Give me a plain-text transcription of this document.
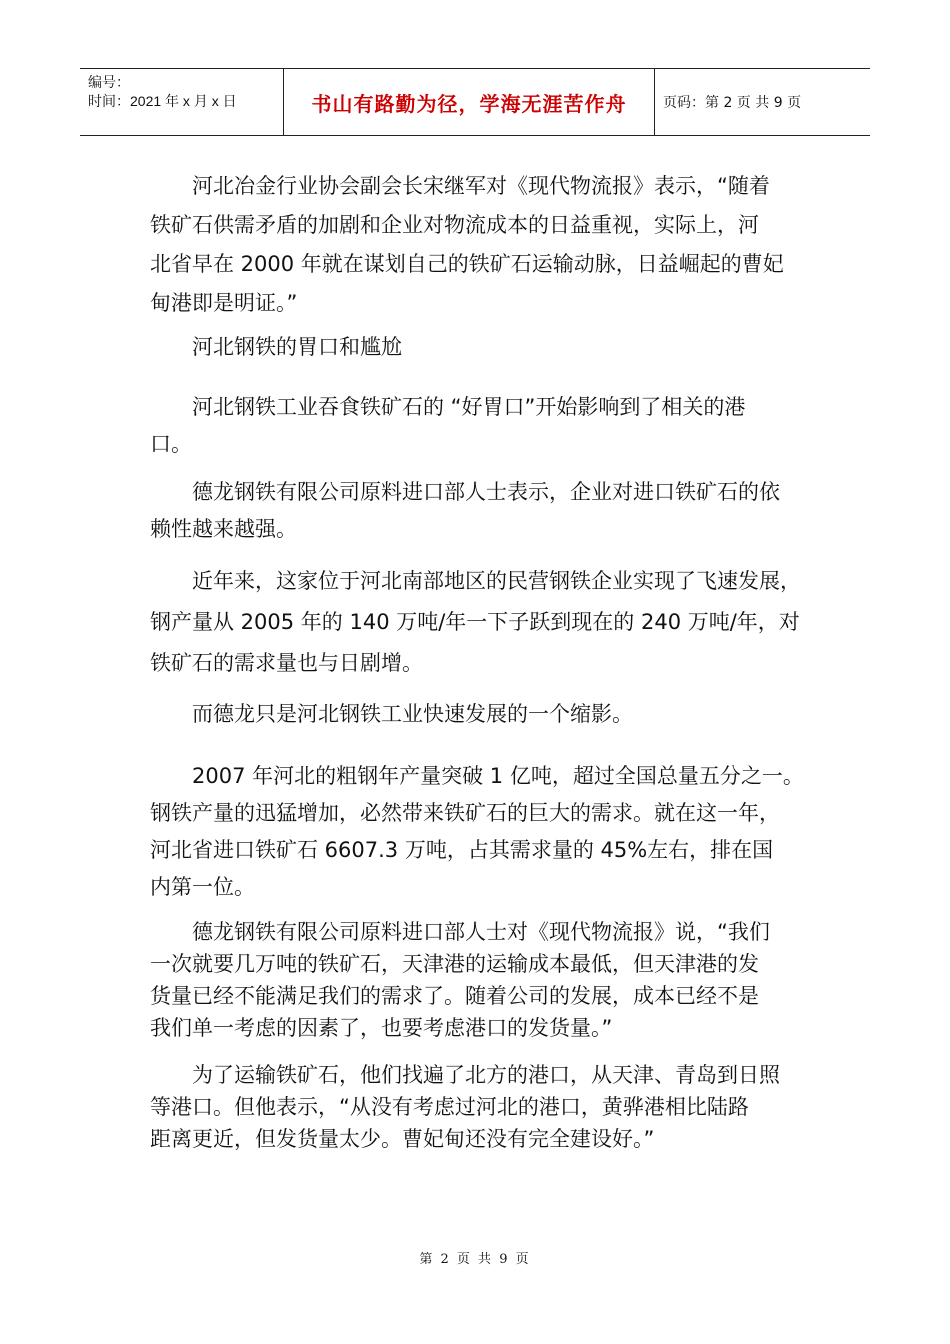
编号：
时间：2021 年 x 月 x 日	书山有路勤为径，学海无涯苦作舟	页码：第 2 页 共 9 页

　　河北冶金行业协会副会长宋继军对《现代物流报》表示，“随着
铁矿石供需矛盾的加剧和企业对物流成本的日益重视，实际上，河
北省早在 2000 年就在谋划自己的铁矿石运输动脉，日益崛起的曹妃
甸港即是明证。”

　　河北钢铁的胃口和尴尬

　　河北钢铁工业吞食铁矿石的 “好胃口”开始影响到了相关的港
口。

　　德龙钢铁有限公司原料进口部人士表示，企业对进口铁矿石的依
赖性越来越强。

　　近年来，这家位于河北南部地区的民营钢铁企业实现了飞速发展，
钢产量从 2005 年的 140 万吨/年一下子跃到现在的 240 万吨/年，对
铁矿石的需求量也与日剧增。

　　而德龙只是河北钢铁工业快速发展的一个缩影。

　　2007 年河北的粗钢年产量突破 1 亿吨，超过全国总量五分之一。
钢铁产量的迅猛增加，必然带来铁矿石的巨大的需求。就在这一年，
河北省进口铁矿石 6607.3 万吨，占其需求量的 45%左右，排在国
内第一位。

　　德龙钢铁有限公司原料进口部人士对《现代物流报》说，“我们
一次就要几万吨的铁矿石，天津港的运输成本最低，但天津港的发
货量已经不能满足我们的需求了。随着公司的发展，成本已经不是
我们单一考虑的因素了，也要考虑港口的发货量。”

　　为了运输铁矿石，他们找遍了北方的港口，从天津、青岛到日照
等港口。但他表示，“从没有考虑过河北的港口，黄骅港相比陆路
距离更近，但发货量太少。曹妃甸还没有完全建设好。”

第 2 页 共 9 页
